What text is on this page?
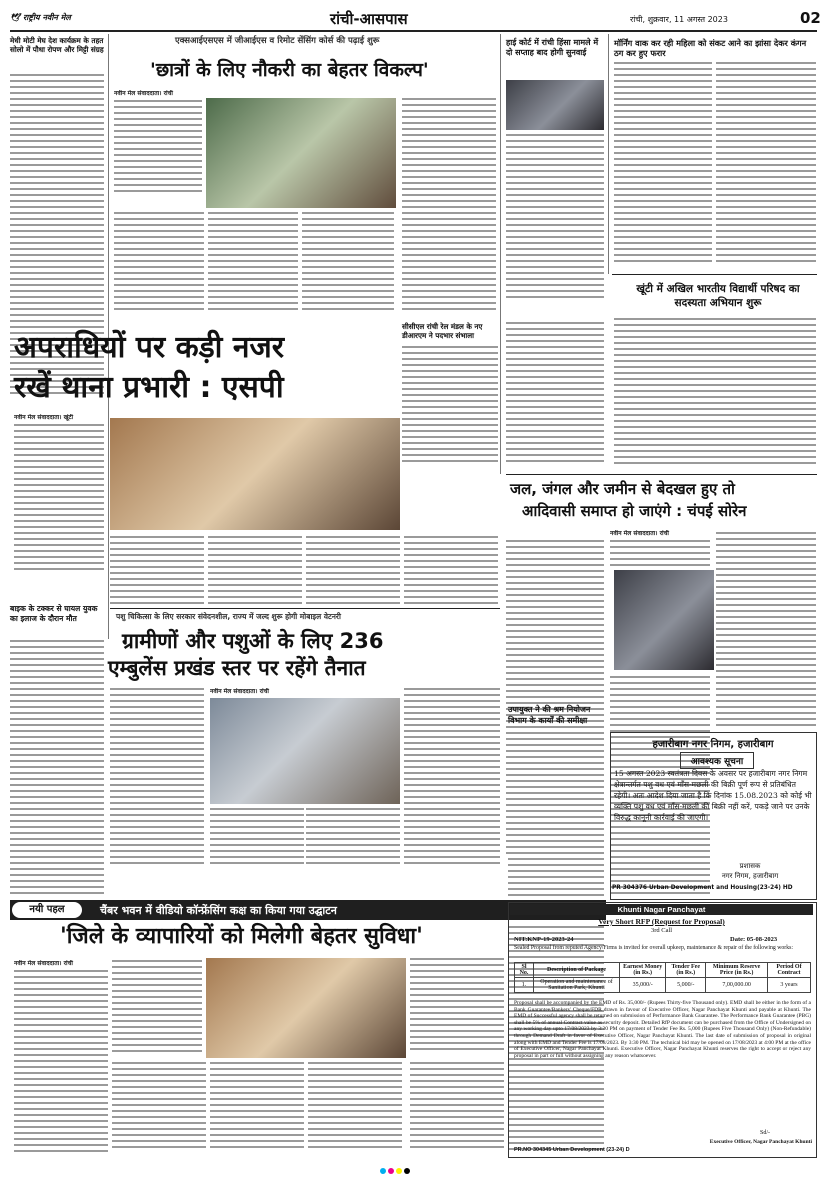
🕊 राष्ट्रीय नवीन मेल	रांची-आसपास	रांची, शुक्रवार, 11 अगस्त 2023	02
मेधी मोटी मेघ देश कार्यक्रम के तहत सोलो में पौधा रोपण और मिट्टी संग्रह
बाइक के टक्कर से घायल युवक का इलाज के दौरान मौत
एक्सआईएसएस में जीआईएस व रिमोट सेंसिंग कोर्स की पढ़ाई शुरू
'छात्रों के लिए नौकरी का बेहतर विकल्प'
नवीन मेल संवाददाता। रांची
हाई कोर्ट में रांची हिंसा मामले में दो सप्ताह बाद होगी सुनवाई
सीसीएल रांची रेल मंडल के नए डीआरएम ने पदभार संभाला
मॉर्निंग वाक कर रही महिला को संकट आने का झांसा देकर कंगन ठग कर हुए फरार
खूंटी में अखिल भारतीय विद्यार्थी परिषद का सदस्यता अभियान शुरू
अपराधियों पर कड़ी नजर
रखें थाना प्रभारी : एसपी
नवीन मेल संवाददाता। खूंटी
जल, जंगल और जमीन से बेदखल हुए तो
आदिवासी समाप्त हो जाएंगे : चंपई सोरेन
नवीन मेल संवाददाता। रांची
पशु चिकित्सा के लिए सरकार संवेदनशील, राज्य में जल्द शुरू होगी मोबाइल वेटनरी
ग्रामीणों और पशुओं के लिए 236
एम्बुलेंस प्रखंड स्तर पर रहेंगे तैनात
नवीन मेल संवाददाता। रांची
उपायुक्त ने की श्रम नियोजन विभाग के कार्यों की समीक्षा
हजारीबाग नगर निगम, हजारीबाग
आवश्यक सूचना
15 अगस्त 2023 स्वतंत्रता दिवस के अवसर पर हजारीबाग नगर निगम क्षेत्रान्तर्गत पशु वध एवं माँस-मछली की बिक्री पूर्ण रूप से प्रतिबंधित रहेगी। अतः आदेश दिया जाता है कि दिनांक 15.08.2023 को कोई भी व्यक्ति पशु वध एवं माँस-मछली की बिक्री नहीं करें, पकड़े जाने पर उनके विरुद्ध कानूनी कार्रवाई की जाएगी।
प्रशासक
नगर निगम, हजारीबाग
PR 304376 Urban Development and Housing(23-24) HD
नयी पहल	चैंबर भवन में वीडियो कॉन्फ्रेंसिंग कक्ष का किया गया उद्घाटन
'जिले के व्यापारियों को मिलेगी बेहतर सुविधा'
नवीन मेल संवाददाता। रांची
Khunti Nagar Panchayat
Very Short RFP (Request for Proposal)
3rd Call
NIT:KNP-19-2023-24	Date: 05-08-2023
Sealed Proposal from reputed Agency/Firms is invited for overall upkeep, maintenance & repair of the following works:
Sl No.	Description of Package	Earnest Money (in Rs.)	Tender Fee (in Rs.)	Minimum Reserve Price (in Rs.)	Period Of Contract
1.	Operation and maintenance of Sanitation Park, Khunti	35,000/-	5,000/-	7,00,000.00	3 years
Proposal shall be accompanied by the EMD of Rs. 35,000/- (Rupees Thirty-five Thousand only). EMD shall be either in the form of a Bank Guarantee/Bankers' Cheque/FDR drawn in favour of Executive Officer, Nagar Panchayat Khunti and payable at Khunti. The EMD of Successful agency shall be returned on submission of Performance Bank Guarantee. The Performance Bank Guarantee (PBG) shall be 5% of annual Contract value as security deposit. Detailed RfP document can be purchased from the Office of Undersigned on any working day upto 17/08/2023 by 3:30 PM on payment of Tender Fee Rs. 5,000 (Rupees Five Thousand Only) (Non-Refundable) through Demand Draft in favor of Executive Officer, Nagar Panchayat Khunti. The last date of submission of proposal in original along with EMD and Tender Fee is 17/08/2023. By 3:30 PM. The technical bid may be opened on 17/08/2023 at 4:00 PM at the office of Executive Officer, Nagar Panchayat Khunti. Executive Officer, Nagar Panchayat Khunti reserves the right to accept or reject any proposal in part or full without assigning any reason whatsoever.
Sd/-
Executive Officer, Nagar Panchayat Khunti
PR.NO 304345 Urban Development (23-24) D
